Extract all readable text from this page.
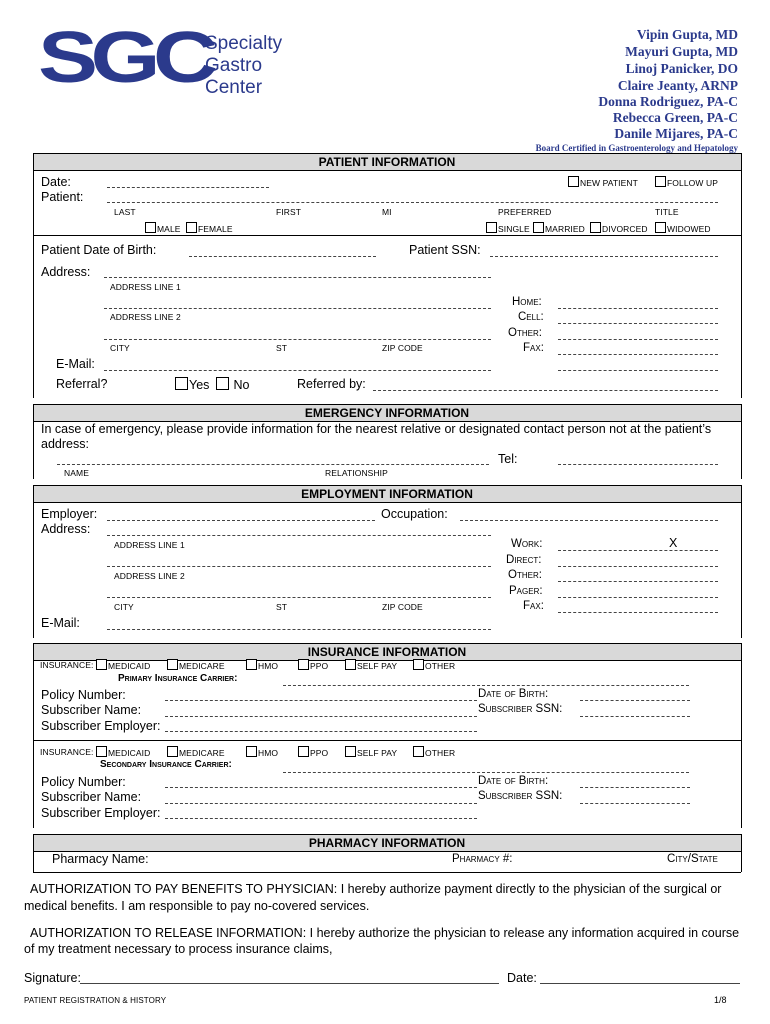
SGC
Specialty
Gastro
Center
Vipin Gupta, MD
Mayuri Gupta, MD
Linoj Panicker, DO
Claire Jeanty, ARNP
Donna Rodriguez, PA-C
Rebecca Green, PA-C
Danile Mijares, PA-C
Board Certified in Gastroenterology and Hepatology
PATIENT INFORMATION
Date:	NEW PATIENT	FOLLOW UP
Patient:
LAST	FIRST	MI	PREFERRED	TITLE
MALE	FEMALE	SINGLE	MARRIED	DIVORCED	WIDOWED
Patient Date of Birth:	Patient SSN:
Address:
ADDRESS LINE 1
ADDRESS LINE 2
CITY	ST	ZIP CODE
Home:
Cell:
Other:
Fax:
E-Mail:
Referral?	Yes	No	Referred by:
EMERGENCY INFORMATION
In case of emergency, please provide information for the nearest relative or designated contact person not at the patient’s
address:
NAME	RELATIONSHIP
Tel:
EMPLOYMENT INFORMATION
Employer:	Occupation:
Address:
ADDRESS LINE 1
ADDRESS LINE 2
CITY	ST	ZIP CODE
Work:	X
Direct:
Other:
Pager:
Fax:
E-Mail:
INSURANCE INFORMATION
INSURANCE:	MEDICAID	MEDICARE	HMO	PPO	SELF PAY	OTHER
Primary Insurance Carrier:
Policy Number:	Date of Birth:
Subscriber Name:	Subscriber SSN:
Subscriber Employer:
INSURANCE:	MEDICAID	MEDICARE	HMO	PPO	SELF PAY	OTHER
Secondary Insurance Carrier:
Policy Number:	Date of Birth:
Subscriber Name:	Subscriber SSN:
Subscriber Employer:
PHARMACY INFORMATION
Pharmacy Name:	Pharmacy #:	City/State
AUTHORIZATION TO PAY BENEFITS TO PHYSICIAN: I hereby authorize payment directly to the physician of the surgical or
medical benefits. I am responsible to pay no-covered services.
AUTHORIZATION TO RELEASE INFORMATION: I hereby authorize the physician to release any information acquired in course
of my treatment necessary to process insurance claims,
Signature:	Date:
PATIENT REGISTRATION & HISTORY	1/8
